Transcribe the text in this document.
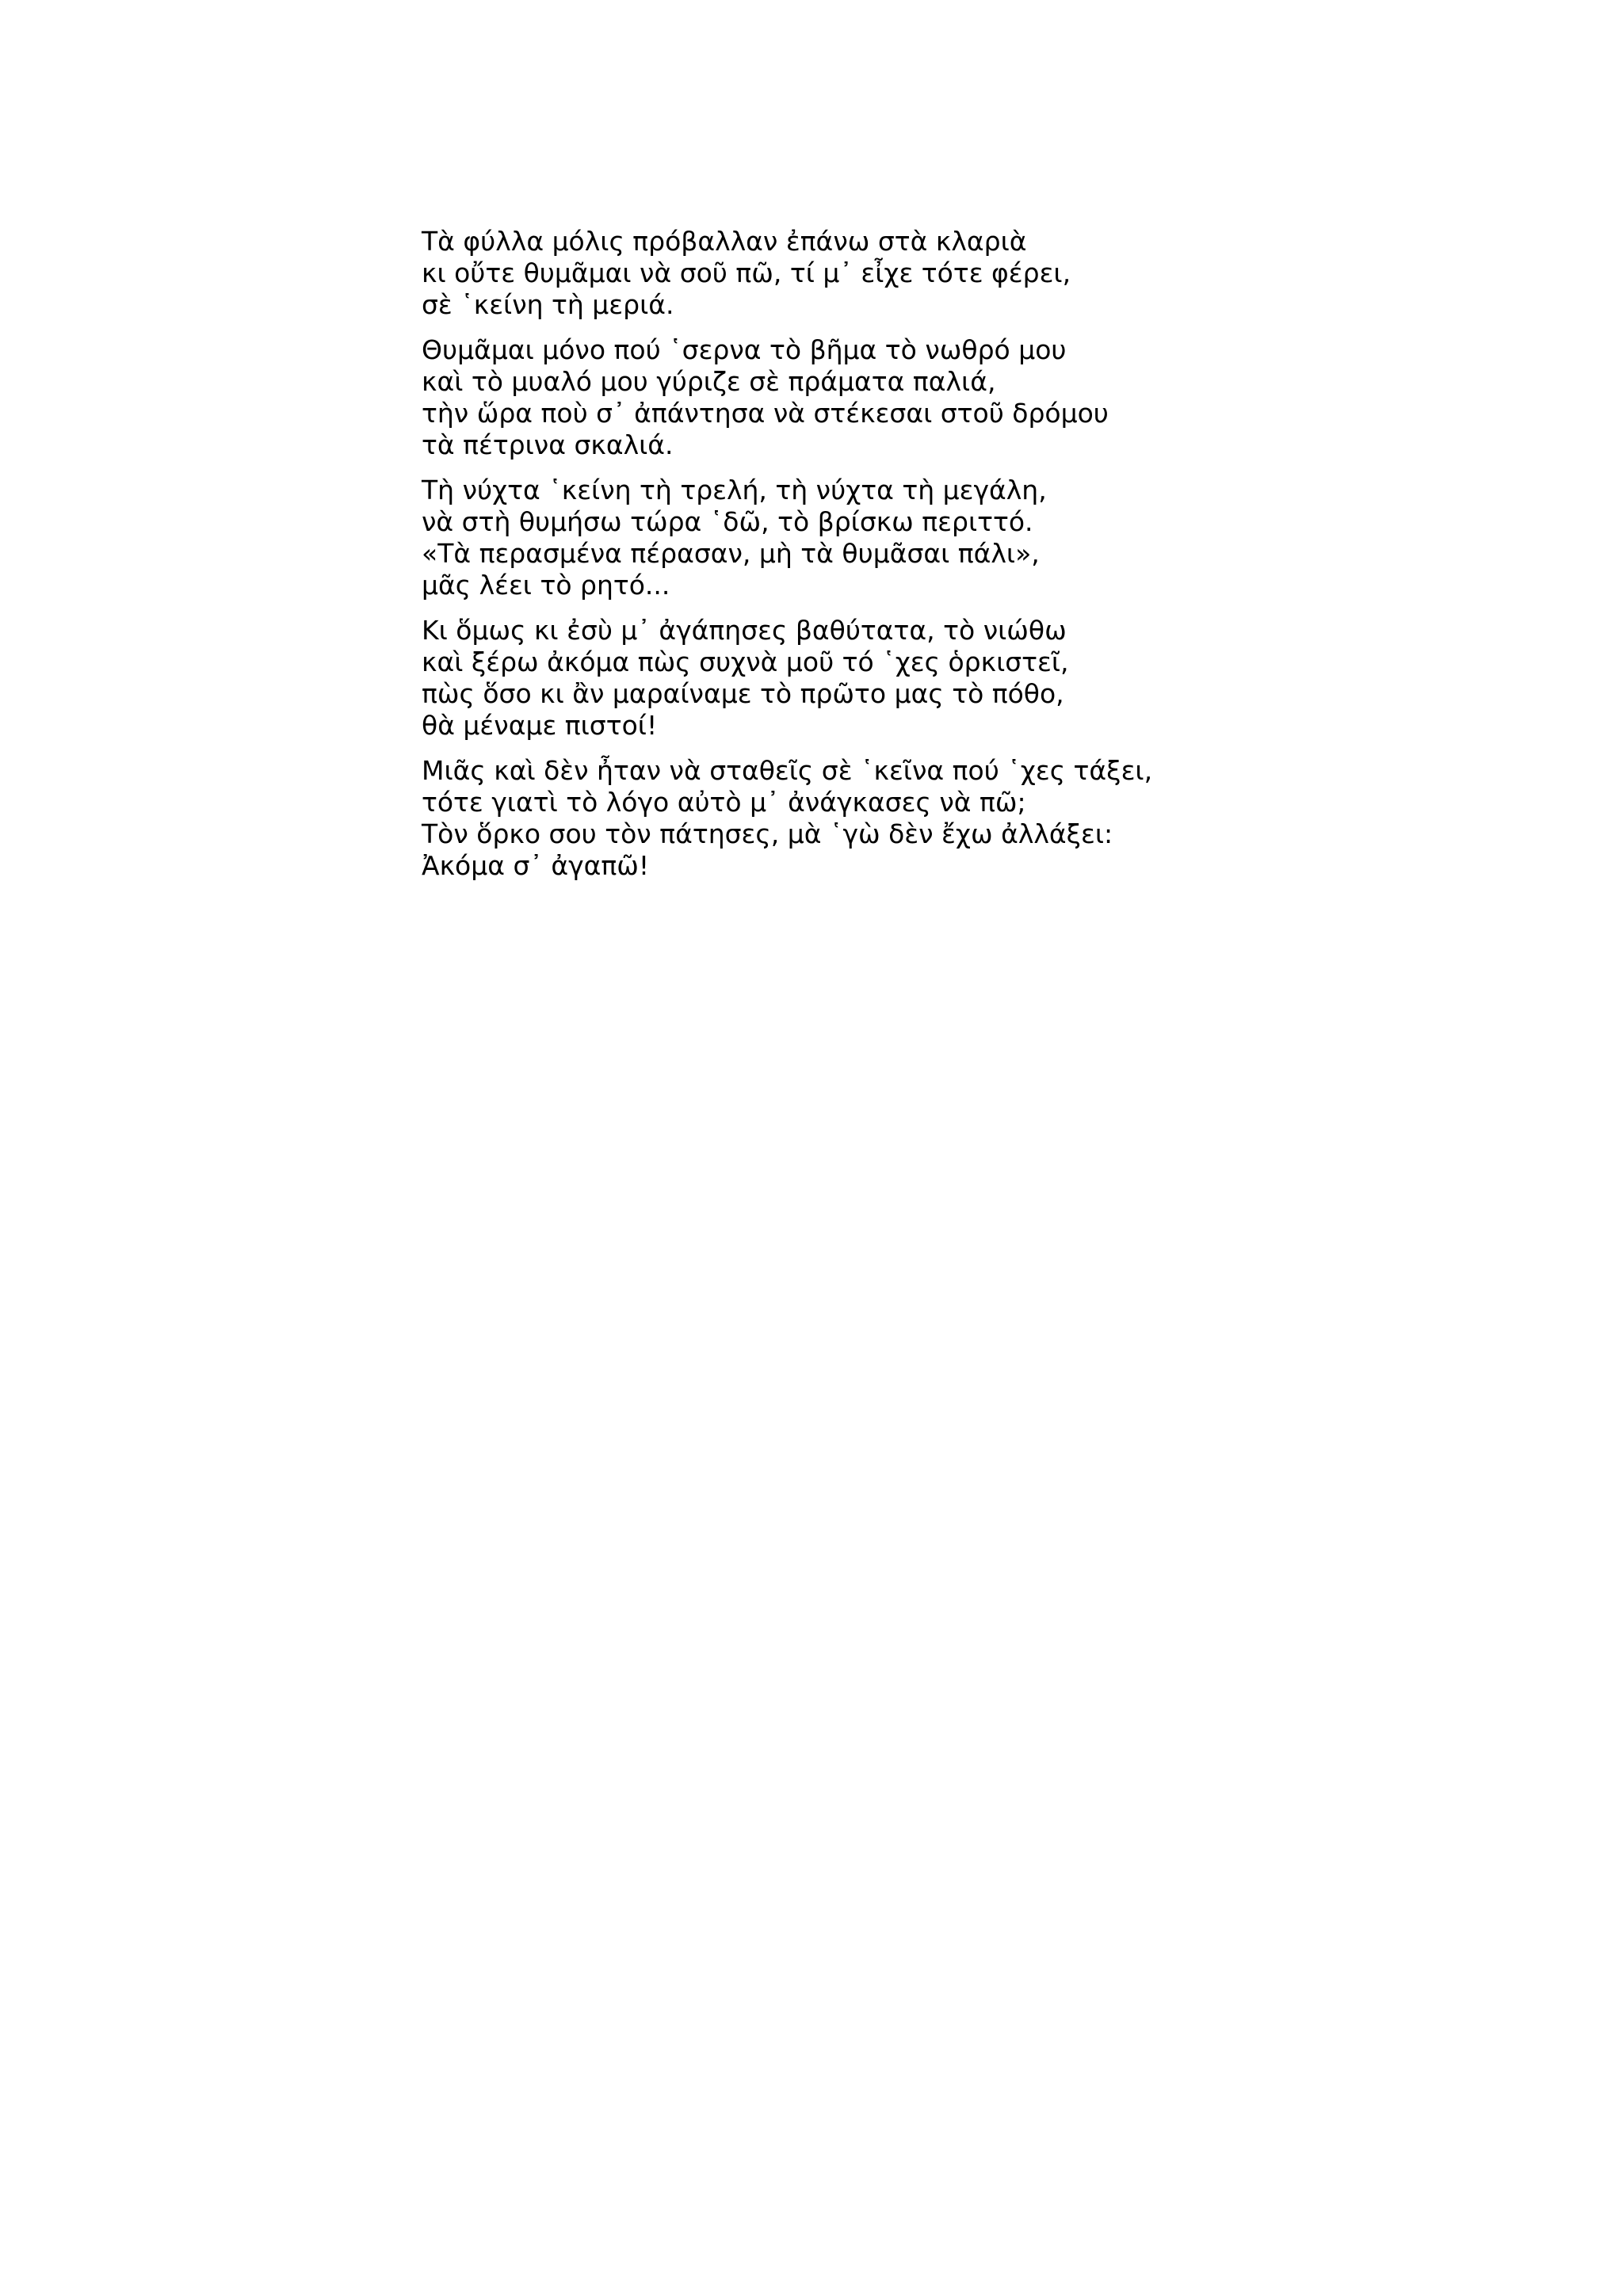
Τὰ φύλλα μόλις πρόβαλλαν ἐπάνω στὰ κλαριὰ
κι οὔτε θυμᾶμαι νὰ σοῦ πῶ, τί μ᾿ εἶχε τότε φέρει,
σὲ ῾κείνη τὴ μεριά.
Θυμᾶμαι μόνο πού ῾σερνα τὸ βῆμα τὸ νωθρό μου
καὶ τὸ μυαλό μου γύριζε σὲ πράματα παλιά,
τὴν ὥρα ποὺ σ᾿ ἀπάντησα νὰ στέκεσαι στοῦ δρόμου
τὰ πέτρινα σκαλιά.
Τὴ νύχτα ῾κείνη τὴ τρελή, τὴ νύχτα τὴ μεγάλη,
νὰ στὴ θυμήσω τώρα ῾δῶ, τὸ βρίσκω περιττό.
«Τὰ περασμένα πέρασαν, μὴ τὰ θυμᾶσαι πάλι»,
μᾶς λέει τὸ ρητό...
Κι ὅμως κι ἐσὺ μ᾿ ἀγάπησες βαθύτατα, τὸ νιώθω
καὶ ξέρω ἀκόμα πὼς συχνὰ μοῦ τό ῾χες ὁρκιστεῖ,
πὼς ὅσο κι ἂν μαραίναμε τὸ πρῶτο μας τὸ πόθο,
θὰ μέναμε πιστοί!
Μιᾶς καὶ δὲν ἦταν νὰ σταθεῖς σὲ ῾κεῖνα πού ῾χες τάξει,
τότε γιατὶ τὸ λόγο αὐτὸ μ᾿ ἀνάγκασες νὰ πῶ;
Τὸν ὅρκο σου τὸν πάτησες, μὰ ῾γὼ δὲν ἔχω ἀλλάξει:
Ἀκόμα σ᾿ ἀγαπῶ!
